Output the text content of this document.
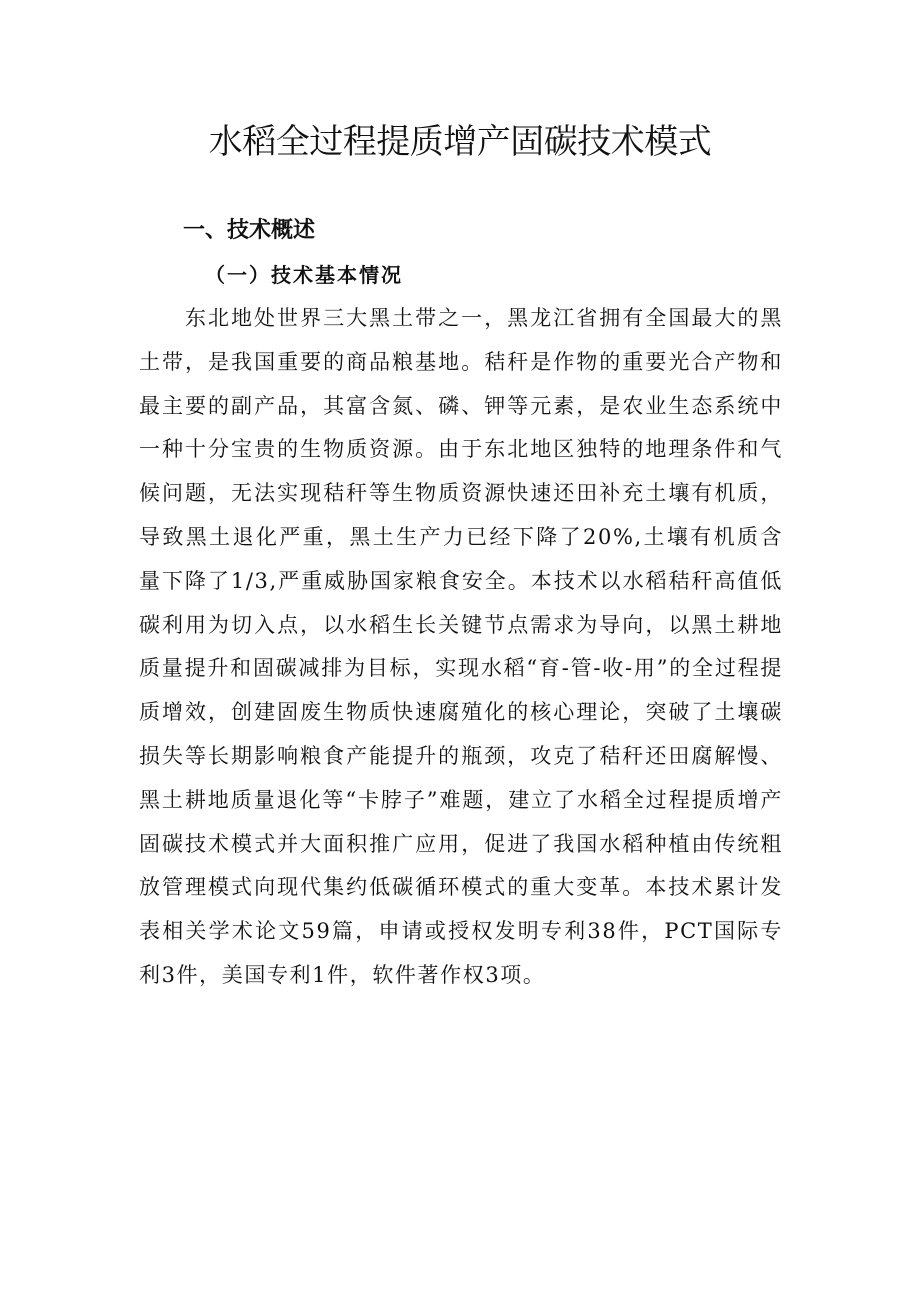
水稻全过程提质增产固碳技术模式
一、技术概述
（一）技术基本情况

东北地处世界三大黑土带之一，黑龙江省拥有全国最大的黑土带，是我国重要的商品粮基地。秸秆是作物的重要光合产物和最主要的副产品，其富含氮、磷、钾等元素，是农业生态系统中一种十分宝贵的生物质资源。由于东北地区独特的地理条件和气候问题，无法实现秸秆等生物质资源快速还田补充土壤有机质，导致黑土退化严重，黑土生产力已经下降了20%,土壤有机质含量下降了1/3,严重威胁国家粮食安全。本技术以水稻秸秆高值低碳利用为切入点，以水稻生长关键节点需求为导向，以黑土耕地质量提升和固碳减排为目标，实现水稻“育-管-收-用”的全过程提质增效，创建固废生物质快速腐殖化的核心理论，突破了土壤碳损失等长期影响粮食产能提升的瓶颈，攻克了秸秆还田腐解慢、黑土耕地质量退化等“卡脖子”难题，建立了水稻全过程提质增产固碳技术模式并大面积推广应用，促进了我国水稻种植由传统粗放管理模式向现代集约低碳循环模式的重大变革。本技术累计发表相关学术论文59篇，申请或授权发明专利38件，PCT国际专利3件，美国专利1件，软件著作权3项。
